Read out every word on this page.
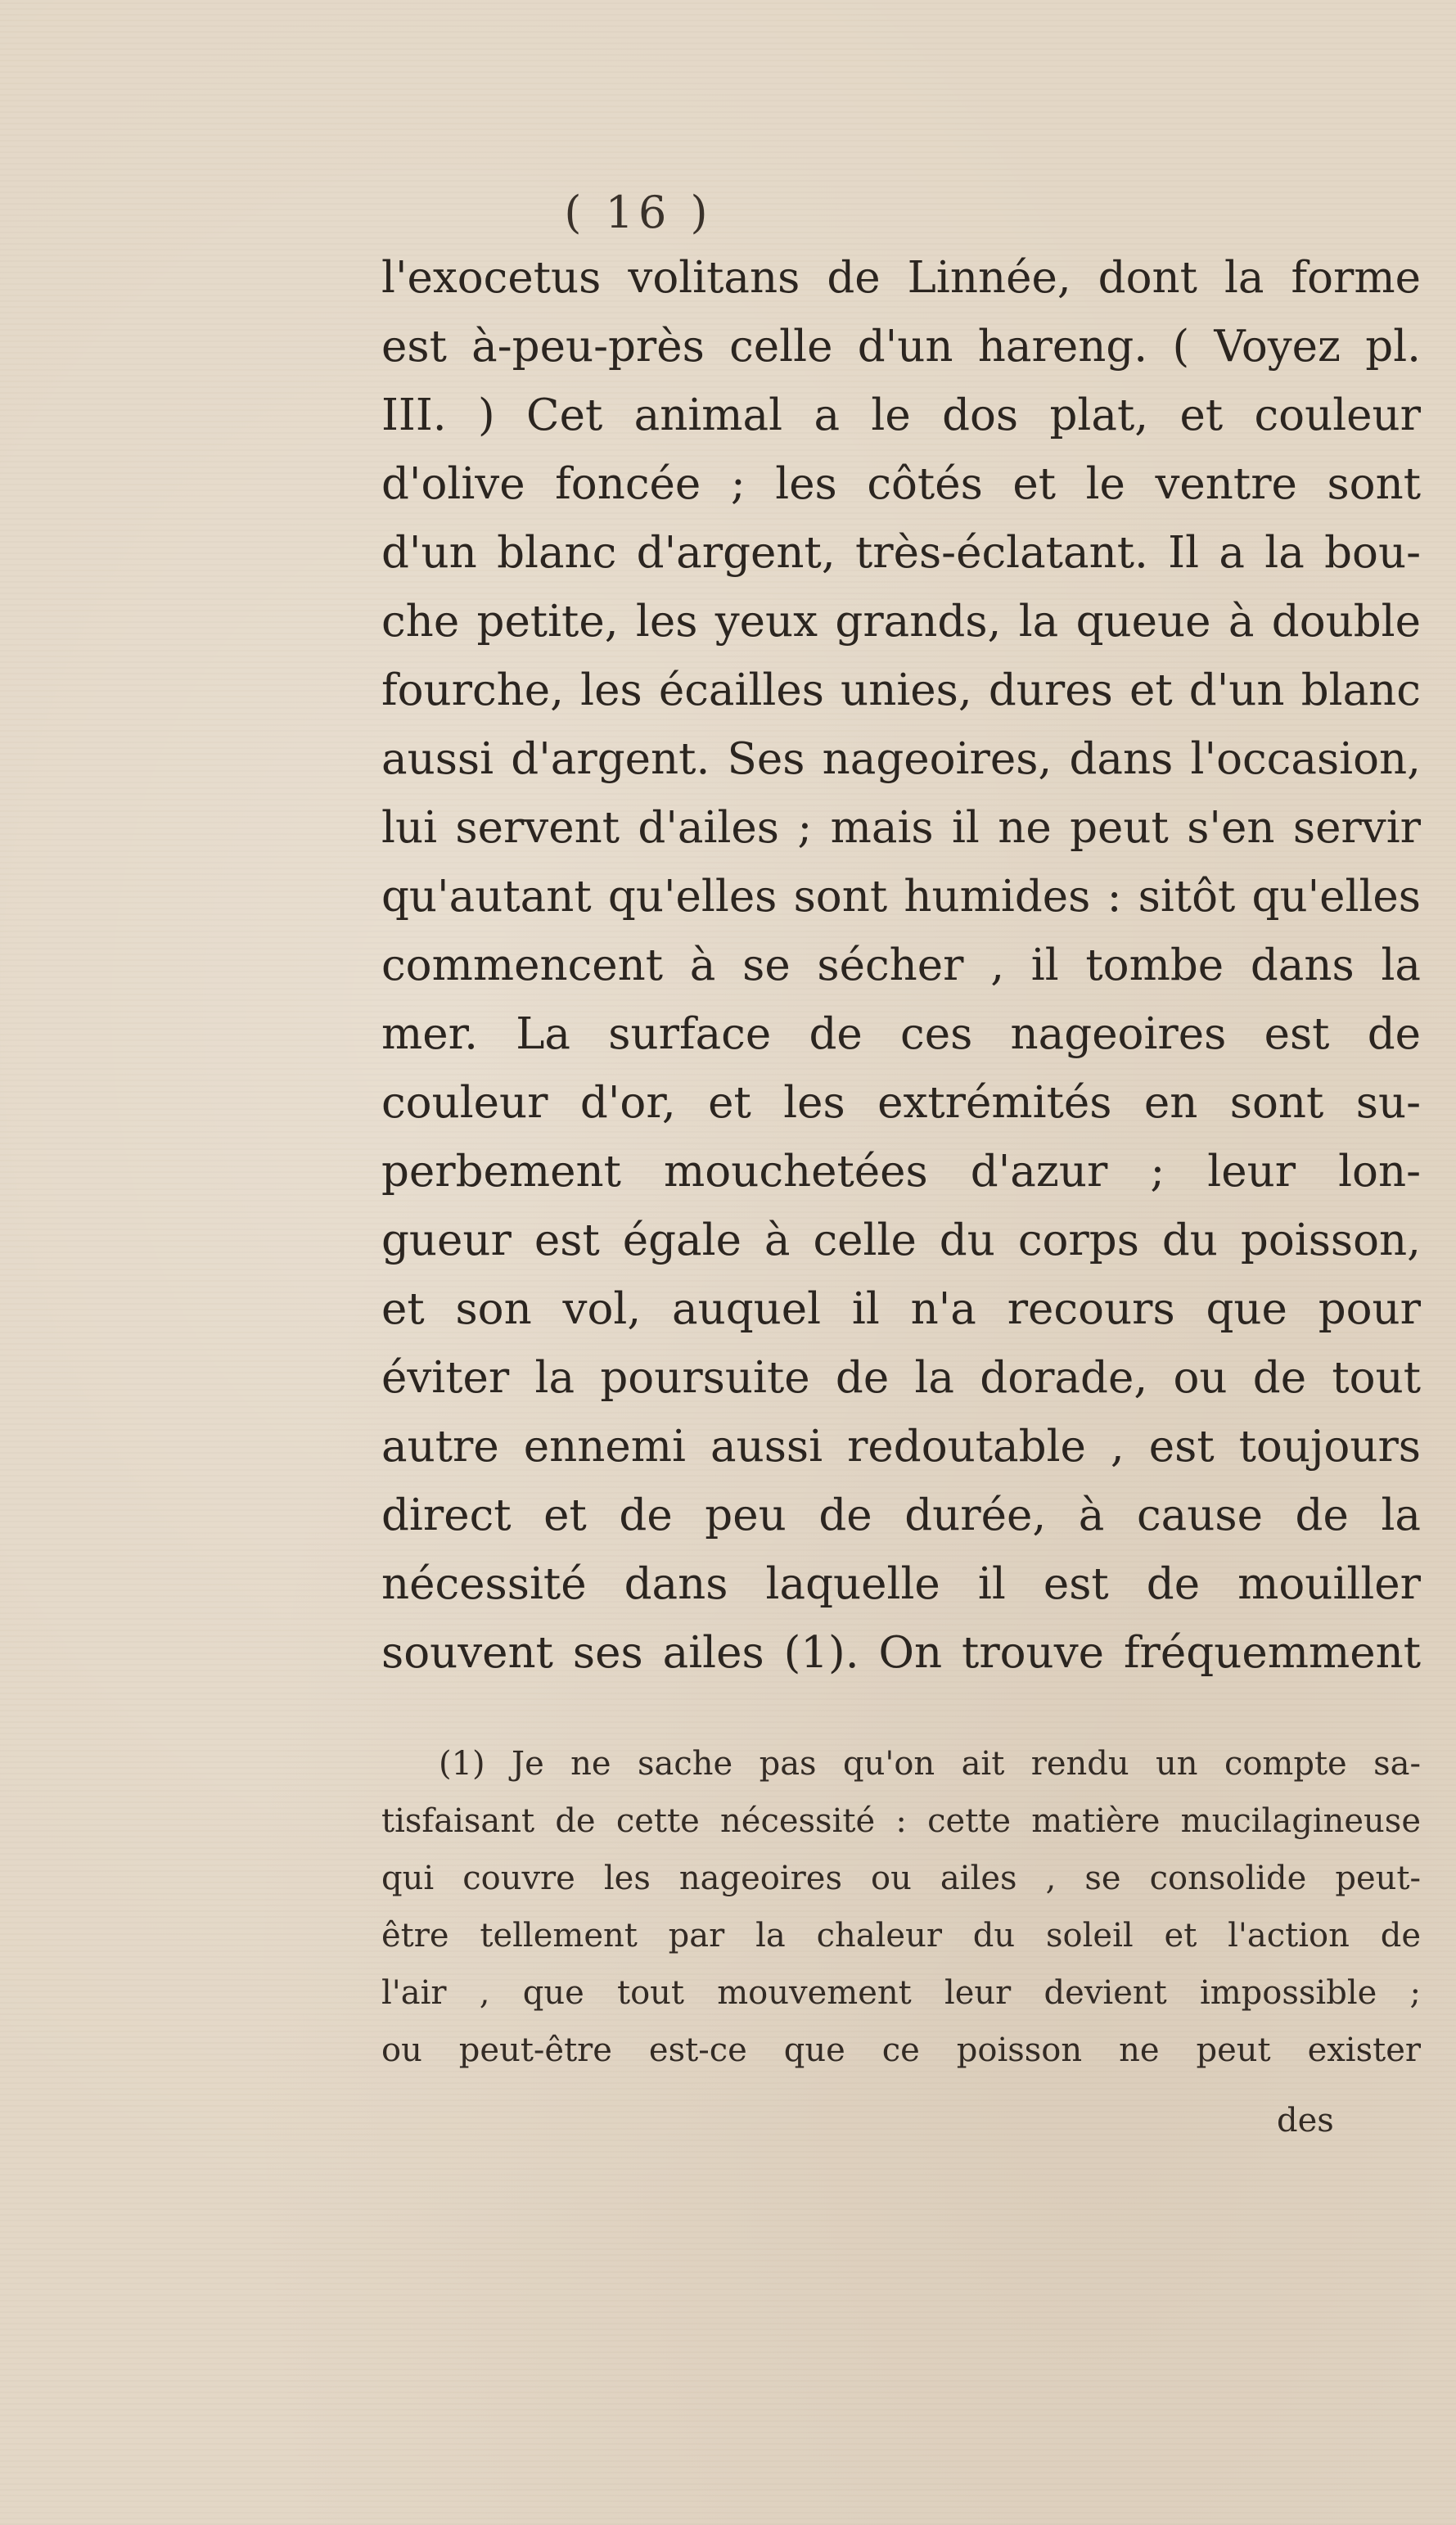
( 16 )
l'exocetus volitans de Linnée, dont la forme
est à-peu-près celle d'un hareng. ( Voyez pl.
III. ) Cet animal a le dos plat, et couleur
d'olive foncée ; les côtés et le ventre sont
d'un blanc d'argent, très-éclatant. Il a la bou-
che petite, les yeux grands, la queue à double
fourche, les écailles unies, dures et d'un blanc
aussi d'argent. Ses nageoires, dans l'occasion,
lui servent d'ailes ; mais il ne peut s'en servir
qu'autant qu'elles sont humides : sitôt qu'elles
commencent à se sécher , il tombe dans la
mer. La surface de ces nageoires est de
couleur d'or, et les extrémités en sont su-
perbement mouchetées d'azur ; leur lon-
gueur est égale à celle du corps du poisson,
et son vol, auquel il n'a recours que pour
éviter la poursuite de la dorade, ou de tout
autre ennemi aussi redoutable , est toujours
direct et de peu de durée, à cause de la
nécessité dans laquelle il est de mouiller
souvent ses ailes (1). On trouve fréquemment
(1) Je ne sache pas qu'on ait rendu un compte sa-
tisfaisant de cette nécessité : cette matière mucilagineuse
qui couvre les nageoires ou ailes , se consolide peut-
être tellement par la chaleur du soleil et l'action de
l'air , que tout mouvement leur devient impossible ;
ou peut-être est-ce que ce poisson ne peut exister
des
